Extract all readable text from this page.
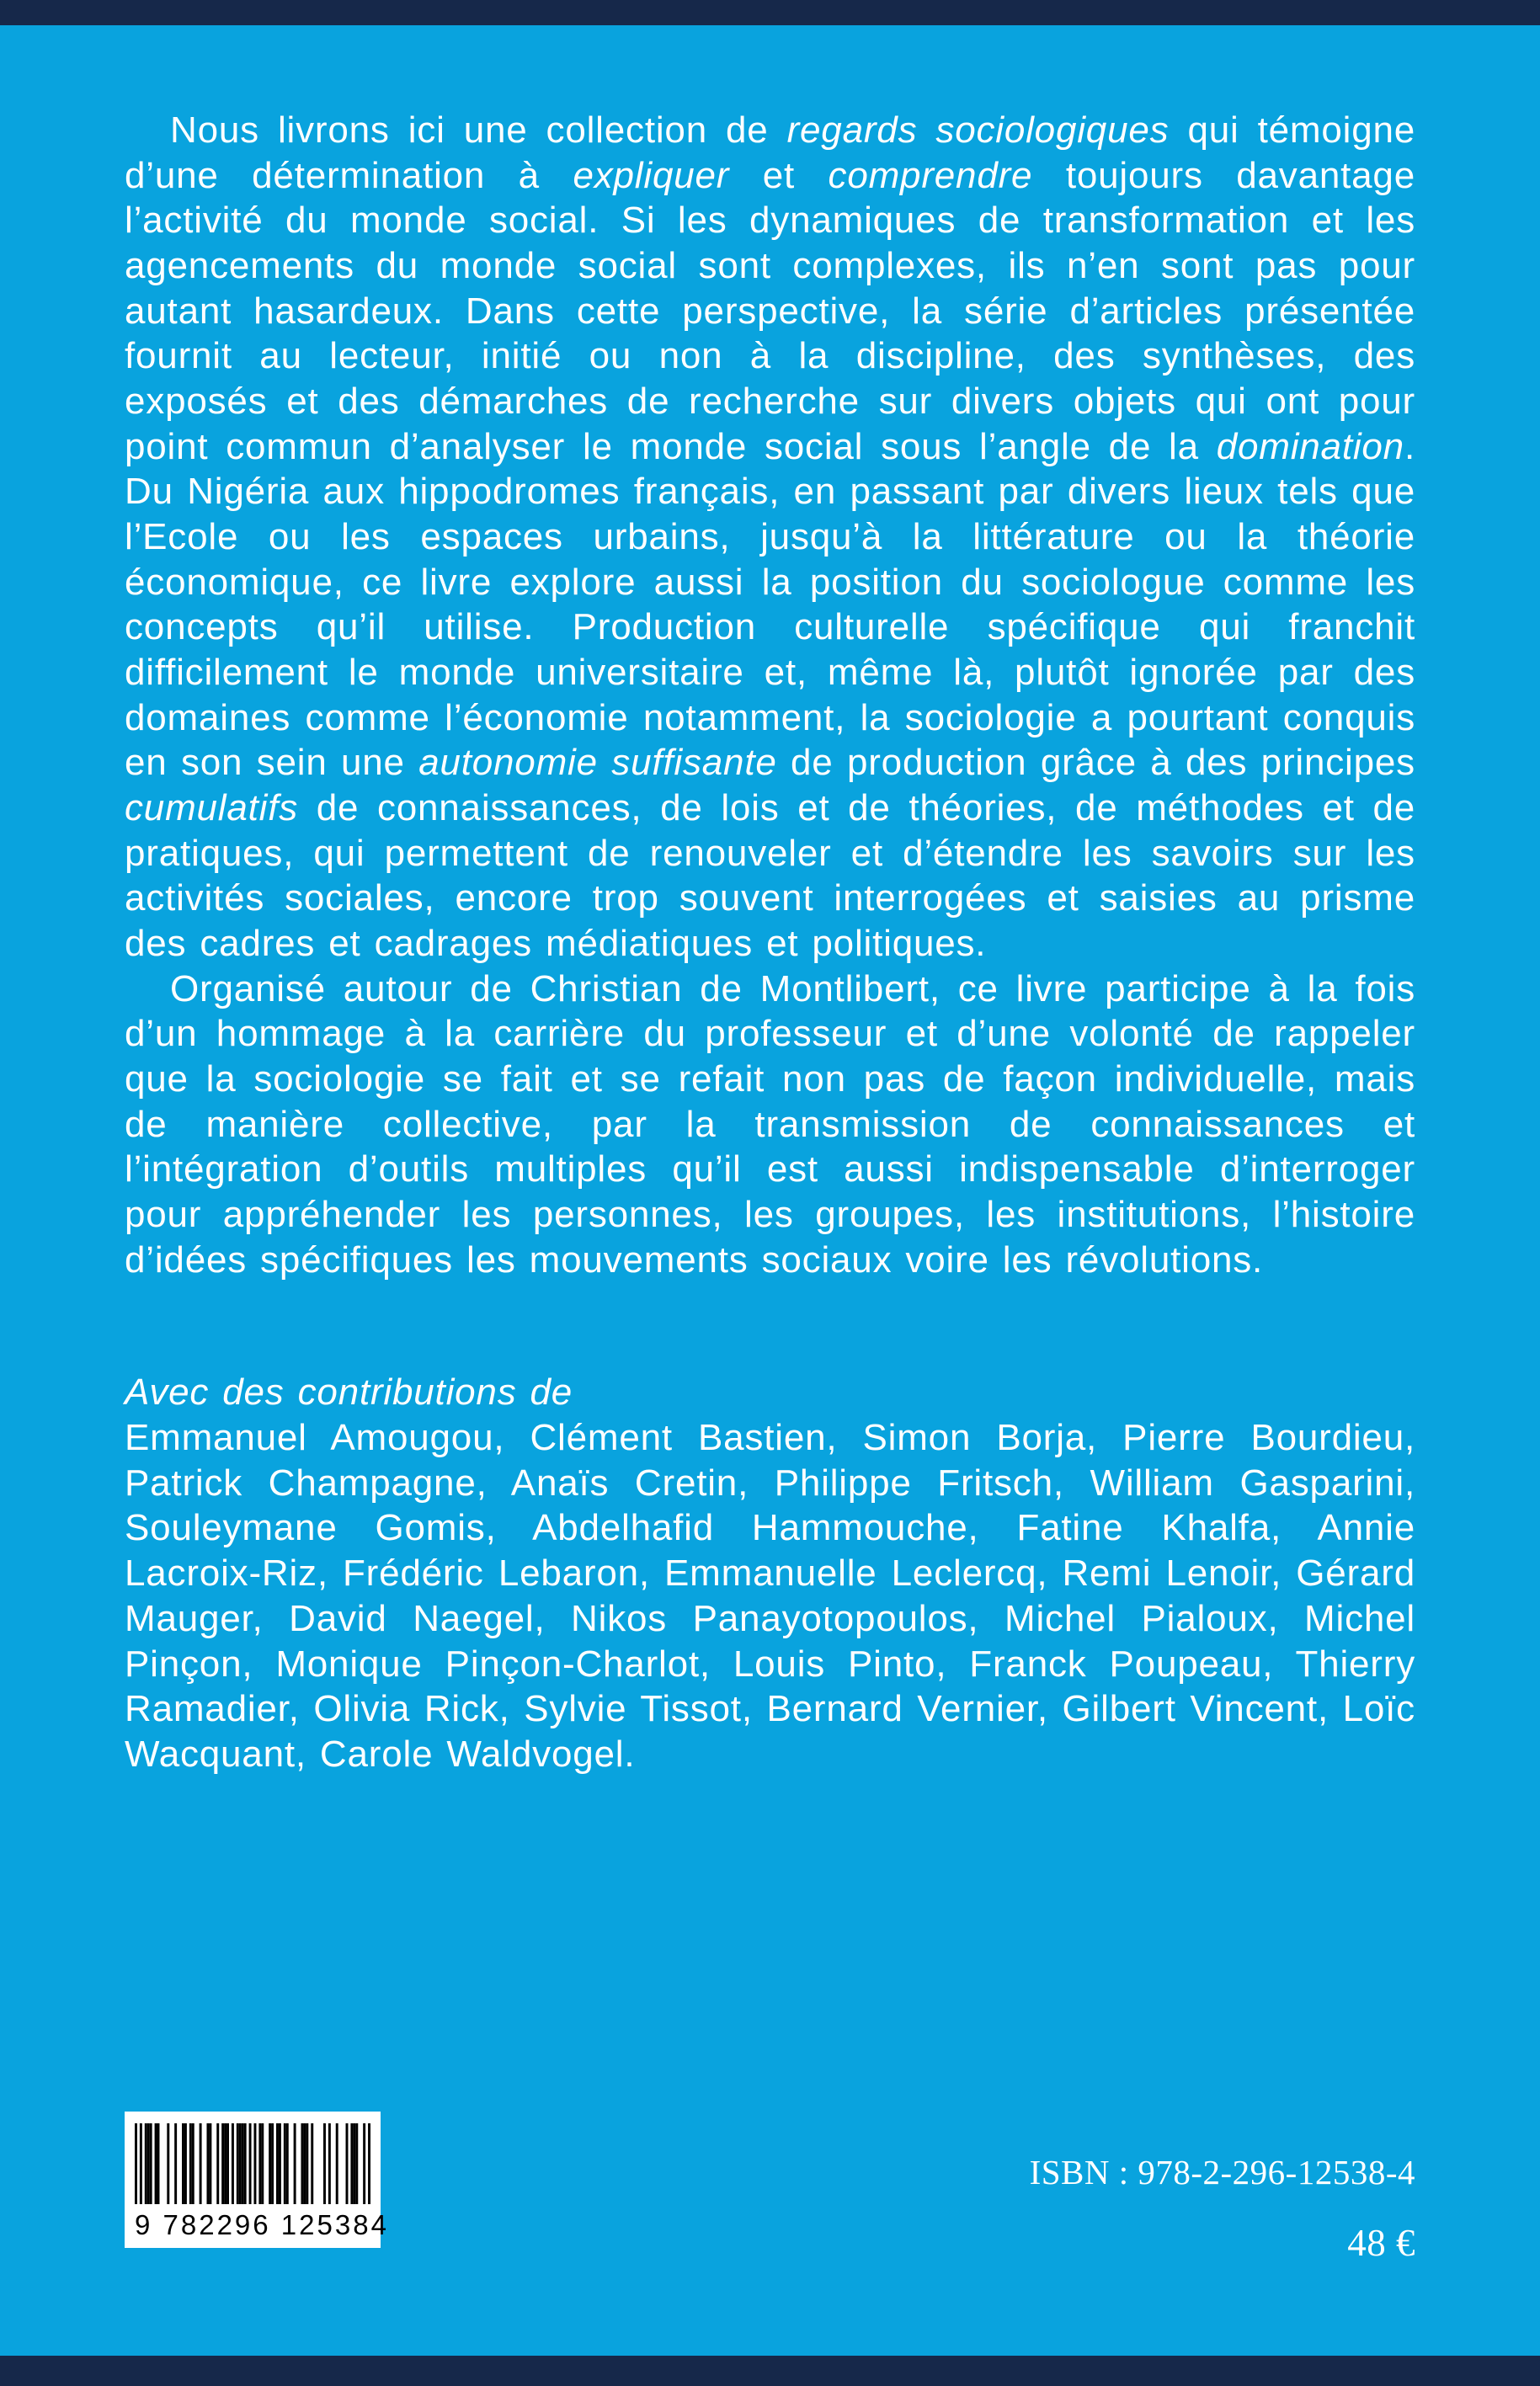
Nous livrons ici une collection de regards sociologiques qui témoigne d’une détermination à expliquer et comprendre toujours davantage l’activité du monde social. Si les dynamiques de transformation et les agencements du monde social sont complexes, ils n’en sont pas pour autant hasardeux. Dans cette perspective, la série d’articles présentée fournit au lecteur, initié ou non à la discipline, des synthèses, des exposés et des démarches de recherche sur divers objets qui ont pour point commun d’analyser le monde social sous l’angle de la domination. Du Nigéria aux hippodromes français, en passant par divers lieux tels que l’Ecole ou les espaces urbains, jusqu’à la littérature ou la théorie économique, ce livre explore aussi la position du sociologue comme les concepts qu’il utilise. Production culturelle spécifique qui franchit difficilement le monde universitaire et, même là, plutôt ignorée par des domaines comme l’économie notamment, la sociologie a pourtant conquis en son sein une autonomie suffisante de production grâce à des principes cumulatifs de connaissances, de lois et de théories, de méthodes et de pratiques, qui permettent de renouveler et d’étendre les savoirs sur les activités sociales, encore trop souvent interrogées et saisies au prisme des cadres et cadrages médiatiques et politiques.

Organisé autour de Christian de Montlibert, ce livre participe à la fois d’un hommage à la carrière du professeur et d’une volonté de rappeler que la sociologie se fait et se refait non pas de façon individuelle, mais de manière collective, par la transmission de connaissances et l’intégration d’outils multiples qu’il est aussi indispensable d’interroger pour appréhender les personnes, les groupes, les institutions, l’histoire d’idées spécifiques les mouvements sociaux voire les révolutions.

Avec des contributions de

Emmanuel Amougou, Clément Bastien, Simon Borja, Pierre Bourdieu, Patrick Champagne, Anaïs Cretin, Philippe Fritsch, William Gasparini, Souleymane Gomis, Abdelhafid Hammouche, Fatine Khalfa, Annie Lacroix-Riz, Frédéric Lebaron, Emmanuelle Leclercq, Remi Lenoir, Gérard Mauger, David Naegel, Nikos Panayotopoulos, Michel Pialoux, Michel Pinçon, Monique Pinçon-Charlot, Louis Pinto, Franck Poupeau, Thierry Ramadier, Olivia Rick, Sylvie Tissot, Bernard Vernier, Gilbert Vincent, Loïc Wacquant, Carole Waldvogel.

9 782296 125384
ISBN : 978-2-296-12538-4
48 €
